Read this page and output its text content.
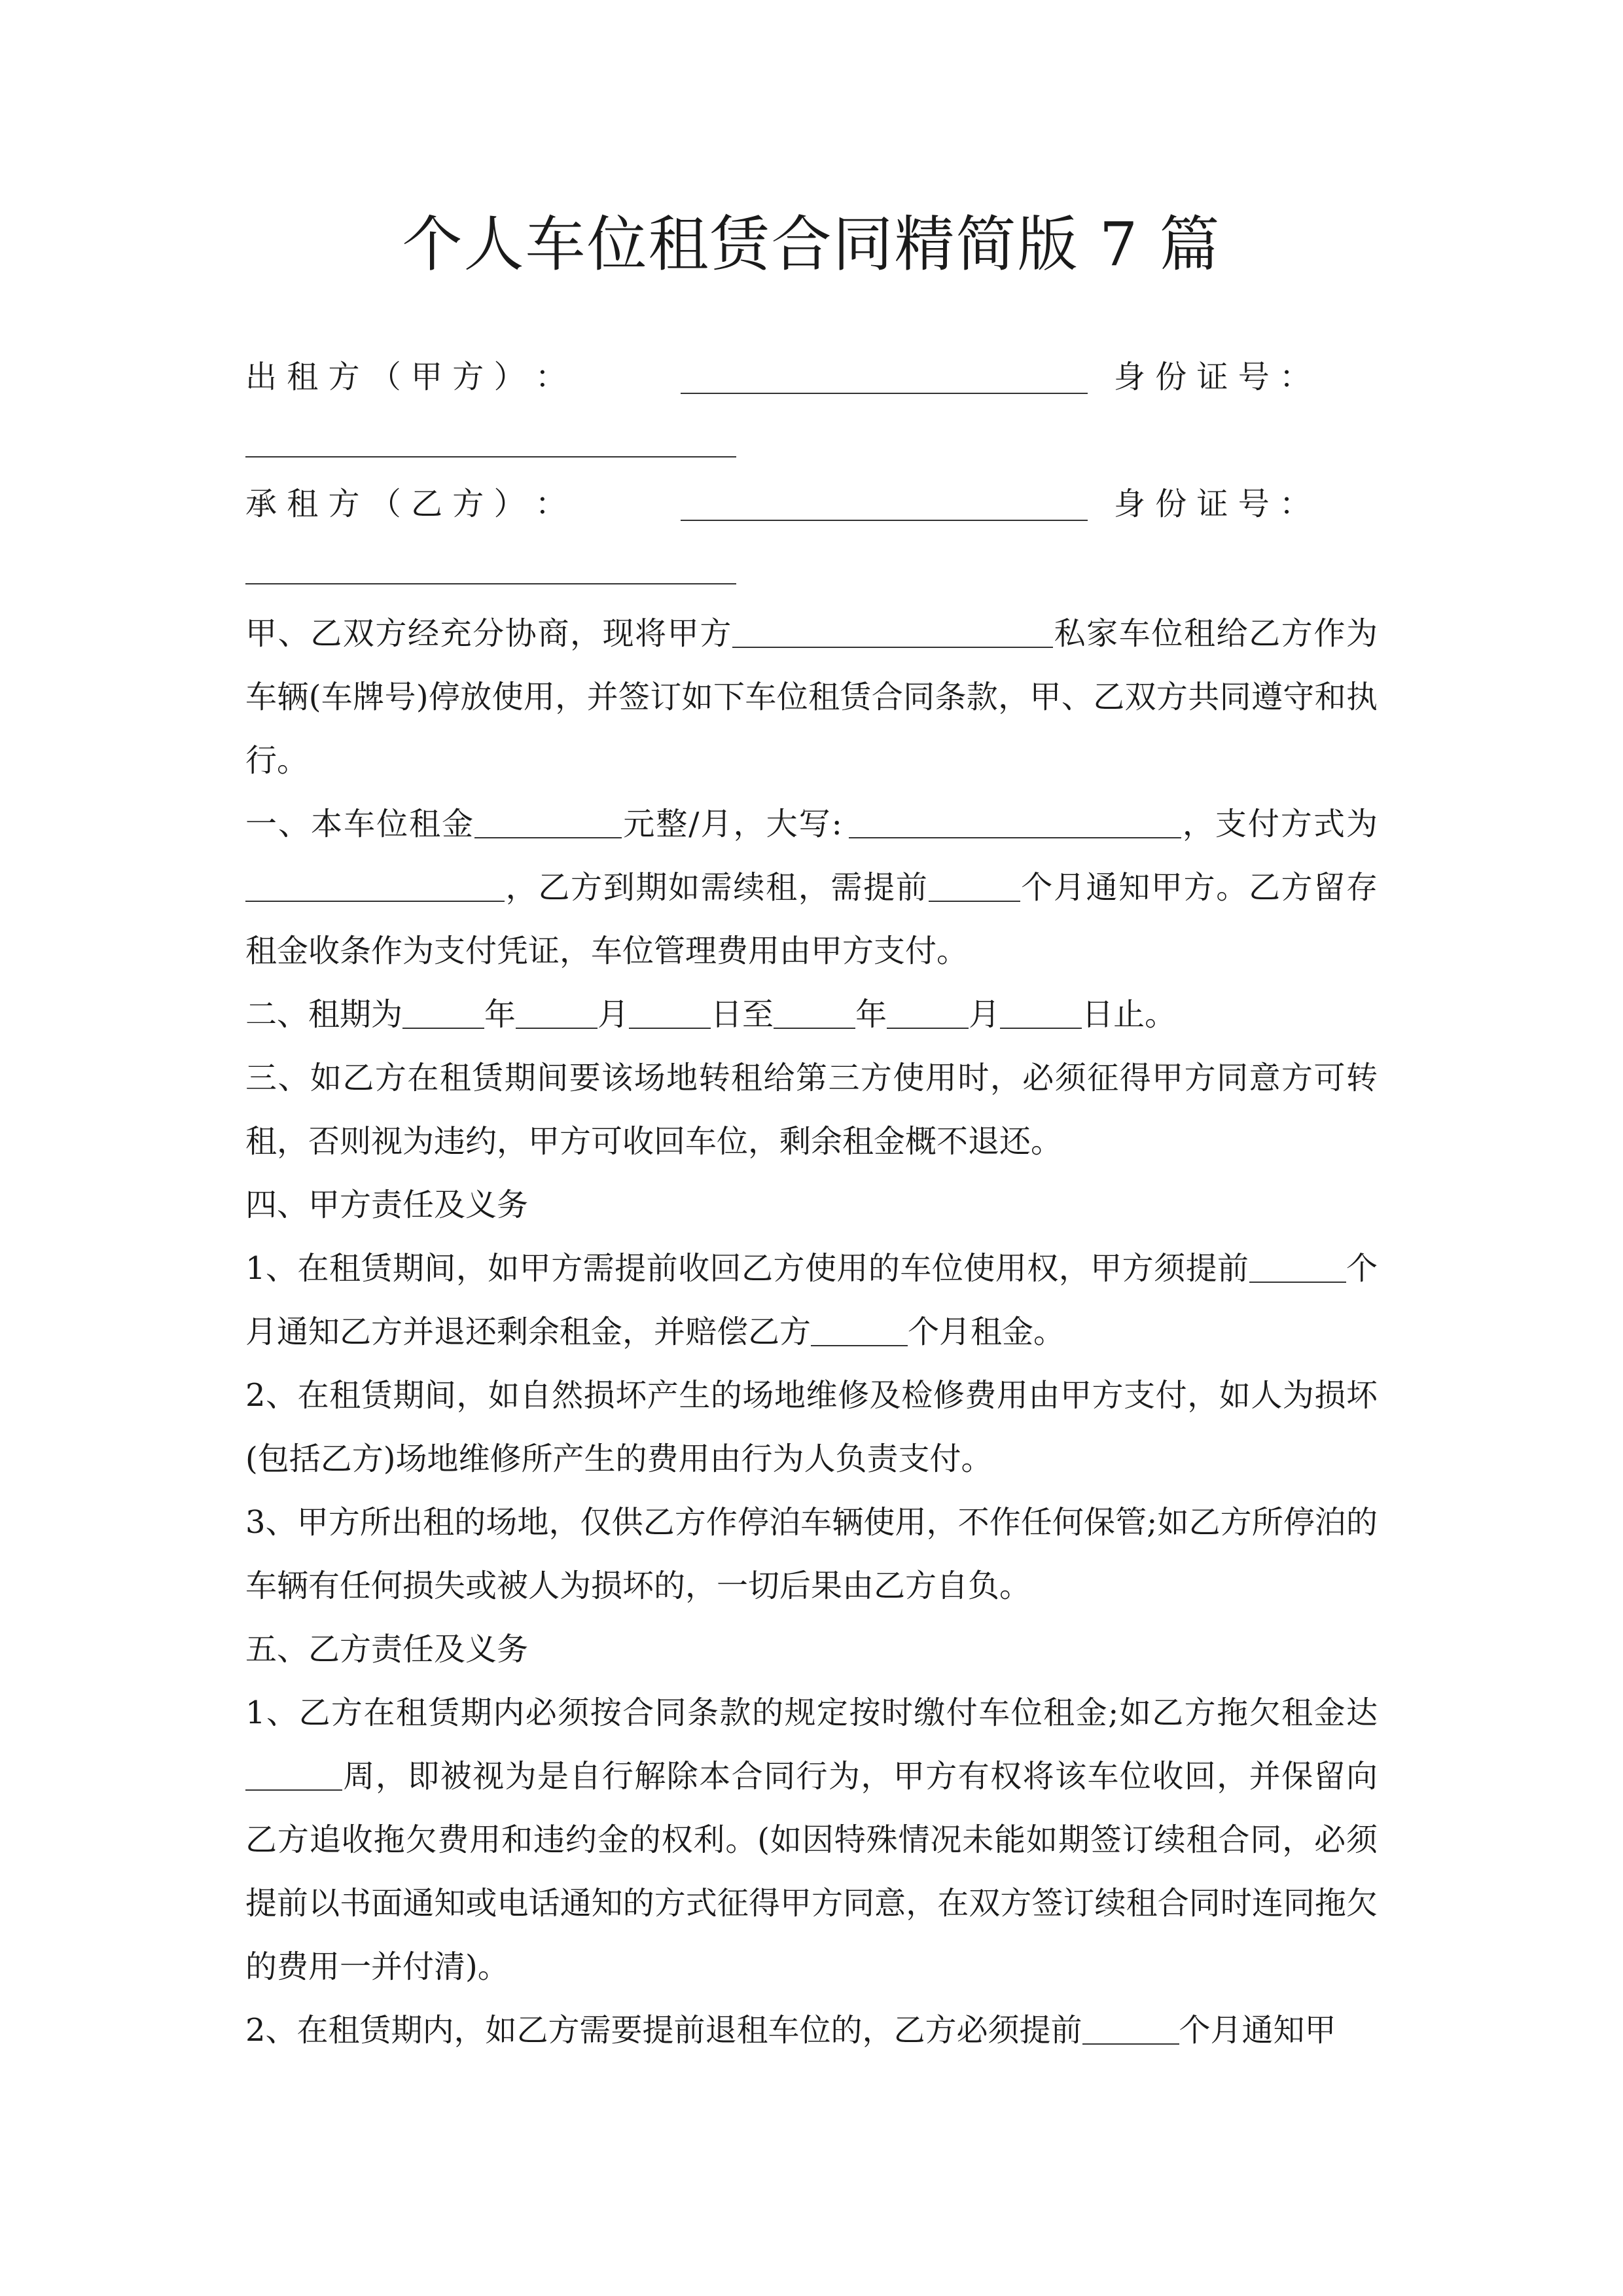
个人车位租赁合同精简版 7 篇
出 租 方 （ 甲 方 ） ：	身 份 证 号 ：
承 租 方 （ 乙 方 ） ：	身 份 证 号 ：
甲、乙双方经充分协商，现将甲方	私家车位租给乙方作为车辆(车牌号)停放使用，并签订如下车位租赁合同条款，甲、乙双方共同遵守和执行。
一、本车位租金	元整/月，大写:	，支付方式为，乙方到期如需续租，需提前	个月通知甲方。乙方留存租金收条作为支付凭证，车位管理费用由甲方支付。
二、租期为	年	月	日至	年	月	日止。
三、如乙方在租赁期间要该场地转租给第三方使用时，必须征得甲方同意方可转租，否则视为违约，甲方可收回车位，剩余租金概不退还。
四、甲方责任及义务
1、在租赁期间，如甲方需提前收回乙方使用的车位使用权，甲方须提前	个月通知乙方并退还剩余租金，并赔偿乙方	个月租金。
2、在租赁期间，如自然损坏产生的场地维修及检修费用由甲方支付，如人为损坏(包括乙方)场地维修所产生的费用由行为人负责支付。
3、甲方所出租的场地，仅供乙方作停泊车辆使用，不作任何保管;如乙方所停泊的车辆有任何损失或被人为损坏的，一切后果由乙方自负。
五、乙方责任及义务
1、乙方在租赁期内必须按合同条款的规定按时缴付车位租金;如乙方拖欠租金达周，即被视为是自行解除本合同行为，甲方有权将该车位收回，并保留向乙方追收拖欠费用和违约金的权利。(如因特殊情况未能如期签订续租合同，必须提前以书面通知或电话通知的方式征得甲方同意，在双方签订续租合同时连同拖欠的费用一并付清)。
2、在租赁期内，如乙方需要提前退租车位的，乙方必须提前	个月通知甲
